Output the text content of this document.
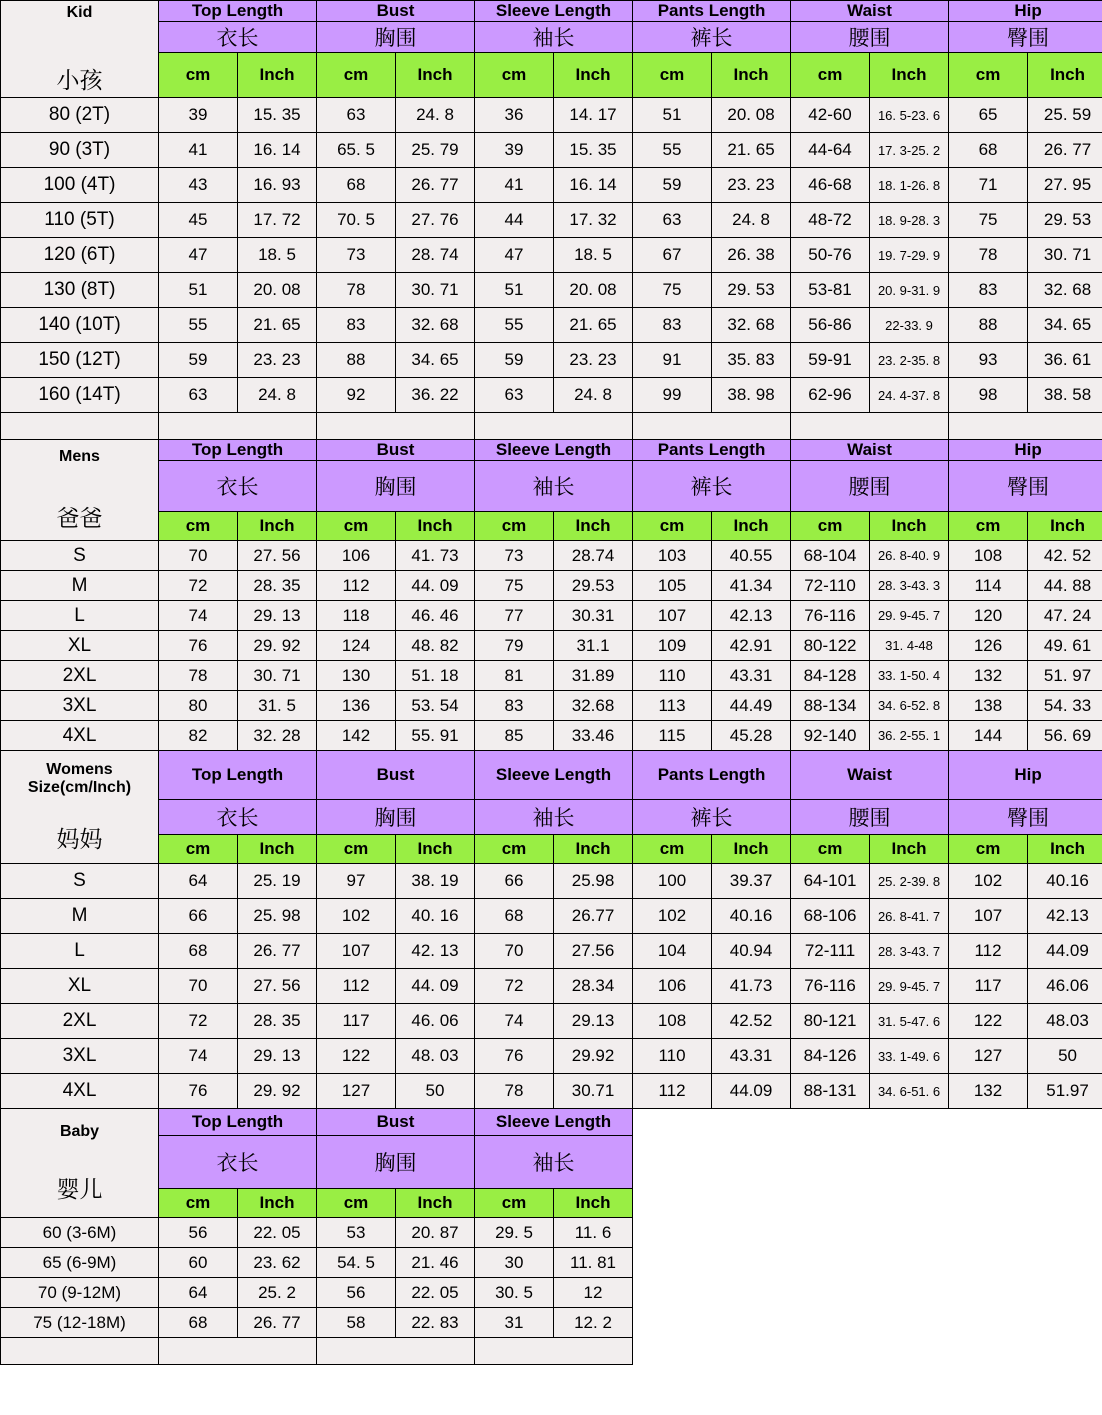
Kid
小孩	Top Length		Bust		Sleeve Length		Pants Length		Waist		Hip	
	衣长		胸围		袖长		裤长		腰围		臀围	
	cm	Inch	cm	Inch	cm	Inch	cm	Inch	cm	Inch	cm	Inch
80 (2T)	39	15. 35	63	24. 8	36	14. 17	51	20. 08	42-60	16. 5-23. 6	65	25. 59
90 (3T)	41	16. 14	65. 5	25. 79	39	15. 35	55	21. 65	44-64	17. 3-25. 2	68	26. 77
100 (4T)	43	16. 93	68	26. 77	41	16. 14	59	23. 23	46-68	18. 1-26. 8	71	27. 95
110 (5T)	45	17. 72	70. 5	27. 76	44	17. 32	63	24. 8	48-72	18. 9-28. 3	75	29. 53
120 (6T)	47	18. 5	73	28. 74	47	18. 5	67	26. 38	50-76	19. 7-29. 9	78	30. 71
130 (8T)	51	20. 08	78	30. 71	51	20. 08	75	29. 53	53-81	20. 9-31. 9	83	32. 68
140 (10T)	55	21. 65	83	32. 68	55	21. 65	83	32. 68	56-86	22-33. 9	88	34. 65
150 (12T)	59	23. 23	88	34. 65	59	23. 23	91	35. 83	59-91	23. 2-35. 8	93	36. 61
160 (14T)	63	24. 8	92	36. 22	63	24. 8	99	38. 98	62-96	24. 4-37. 8	98	38. 58

Mens
爸爸	Top Length		Bust		Sleeve Length		Pants Length		Waist		Hip	
	衣长		胸围		袖长		裤长		腰围		臀围	
	cm	Inch	cm	Inch	cm	Inch	cm	Inch	cm	Inch	cm	Inch
S	70	27. 56	106	41. 73	73	28.74	103	40.55	68-104	26. 8-40. 9	108	42. 52
M	72	28. 35	112	44. 09	75	29.53	105	41.34	72-110	28. 3-43. 3	114	44. 88
L	74	29. 13	118	46. 46	77	30.31	107	42.13	76-116	29. 9-45. 7	120	47. 24
XL	76	29. 92	124	48. 82	79	31.1	109	42.91	80-122	31. 4-48	126	49. 61
2XL	78	30. 71	130	51. 18	81	31.89	110	43.31	84-128	33. 1-50. 4	132	51. 97
3XL	80	31. 5	136	53. 54	83	32.68	113	44.49	88-134	34. 6-52. 8	138	54. 33
4XL	82	32. 28	142	55. 91	85	33.46	115	45.28	92-140	36. 2-55. 1	144	56. 69

Womens
Size(cm/Inch)
妈妈	Top Length		Bust		Sleeve Length		Pants Length		Waist		Hip	
	衣长		胸围		袖长		裤长		腰围		臀围	
	cm	Inch	cm	Inch	cm	Inch	cm	Inch	cm	Inch	cm	Inch
S	64	25. 19	97	38. 19	66	25.98	100	39.37	64-101	25. 2-39. 8	102	40.16
M	66	25. 98	102	40. 16	68	26.77	102	40.16	68-106	26. 8-41. 7	107	42.13
L	68	26. 77	107	42. 13	70	27.56	104	40.94	72-111	28. 3-43. 7	112	44.09
XL	70	27. 56	112	44. 09	72	28.34	106	41.73	76-116	29. 9-45. 7	117	46.06
2XL	72	28. 35	117	46. 06	74	29.13	108	42.52	80-121	31. 5-47. 6	122	48.03
3XL	74	29. 13	122	48. 03	76	29.92	110	43.31	84-126	33. 1-49. 6	127	50
4XL	76	29. 92	127	50	78	30.71	112	44.09	88-131	34. 6-51. 6	132	51.97

Baby
婴儿	Top Length		Bust		Sleeve Length							
	衣长		胸围		袖长							
	cm	Inch	cm	Inch	cm	Inch						
60 (3-6M)	56	22. 05	53	20. 87	29. 5	11. 6						
65 (6-9M)	60	23. 62	54. 5	21. 46	30	11. 81						
70 (9-12M)	64	25. 2	56	22. 05	30. 5	12						
75 (12-18M)	68	26. 77	58	22. 83	31	12. 2						
